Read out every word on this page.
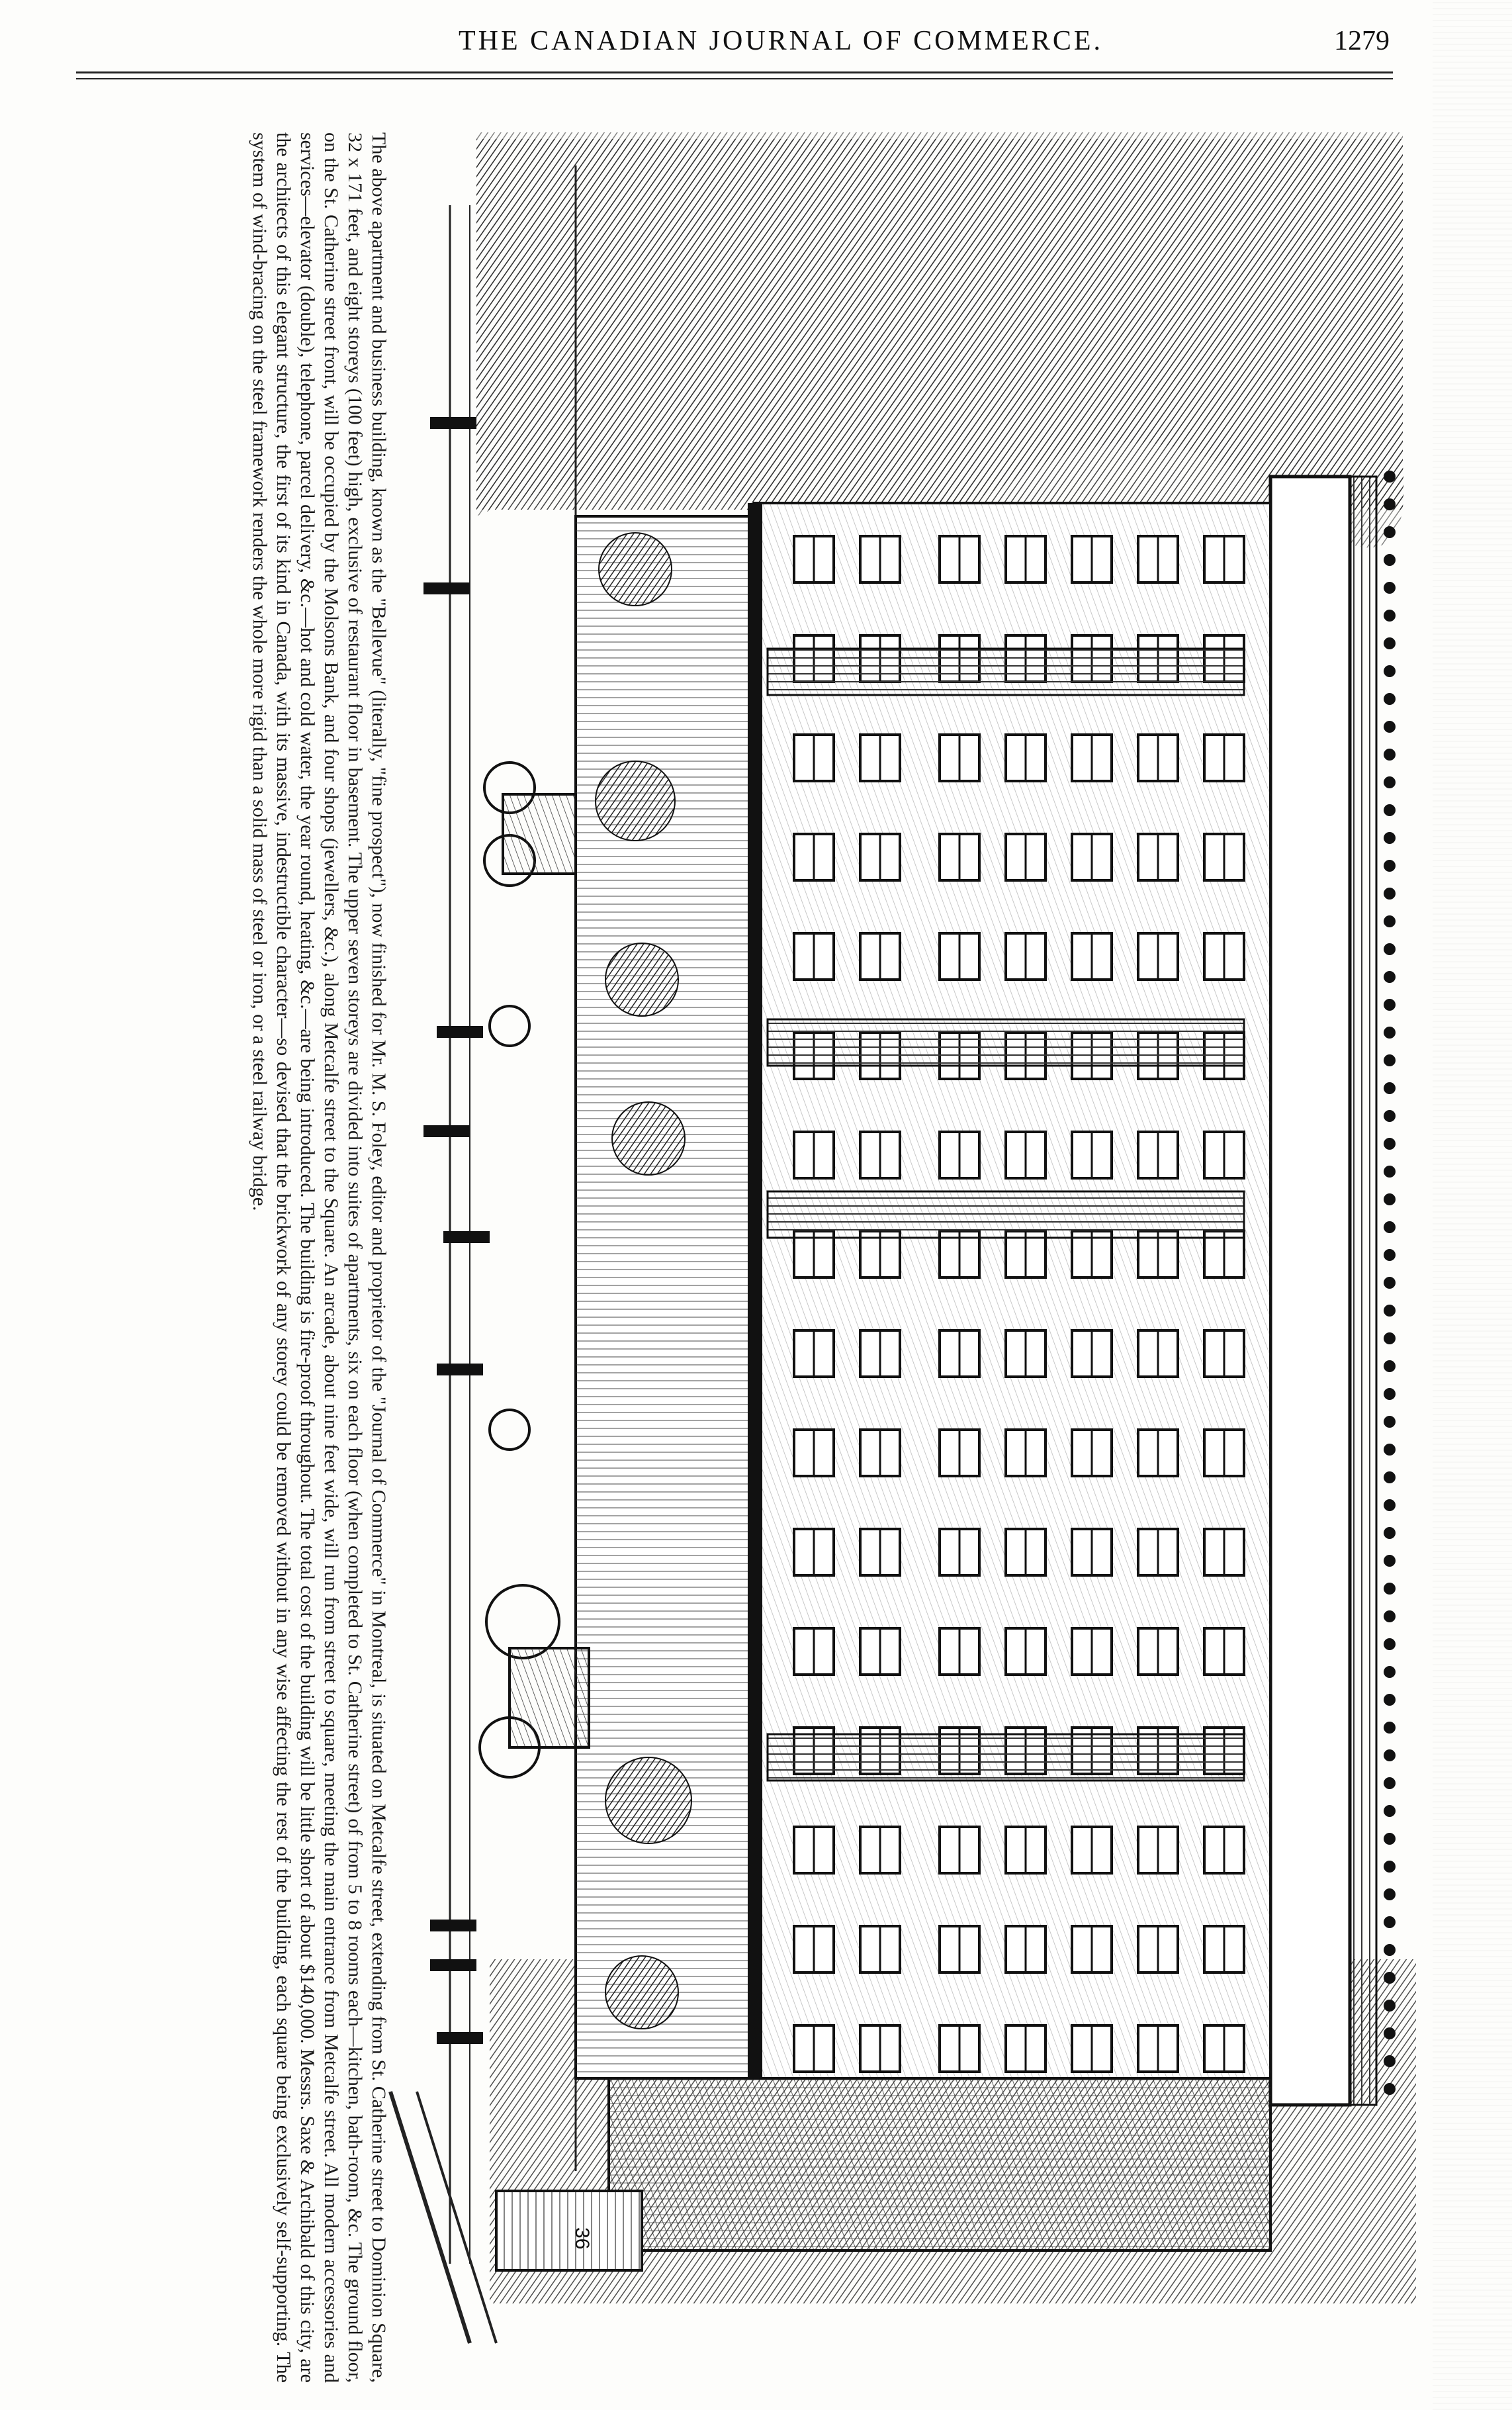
THE CANADIAN JOURNAL OF COMMERCE.	1279
36
The above apartment and business building, known as the "Bellevue" (literally, "fine prospect"), now finished for Mr. M. S. Foley, editor and proprietor of the "Journal of Commerce" in Montreal, is situated on Metcalfe street, extending from St. Catherine street to Dominion Square, 32 x 171 feet, and eight storeys (100 feet) high, exclusive of restaurant floor in basement. The upper seven storeys are divided into suites of apartments, six on each floor (when completed to St. Catherine street) of from 5 to 8 rooms each—kitchen, bath-room, &c. The ground floor, on the St. Catherine street front, will be occupied by the Molsons Bank, and four shops (jewellers, &c.), along Metcalfe street to the Square. An arcade, about nine feet wide, will run from street to square, meeting the main entrance from Metcalfe street. All modern accessories and services—elevator (double), telephone, parcel delivery, &c.—hot and cold water, the year round, heating, &c.—are being introduced. The building is fire-proof throughout. The total cost of the building will be little short of about $140,000. Messrs. Saxe & Archibald of this city, are the architects of this elegant structure, the first of its kind in Canada, with its massive, indestructible character—so devised that the brickwork of any storey could be removed without in any wise affecting the rest of the building, each square being exclusively self-supporting. The system of wind-bracing on the steel framework renders the whole more rigid than a solid mass of steel or iron, or a steel railway bridge.
